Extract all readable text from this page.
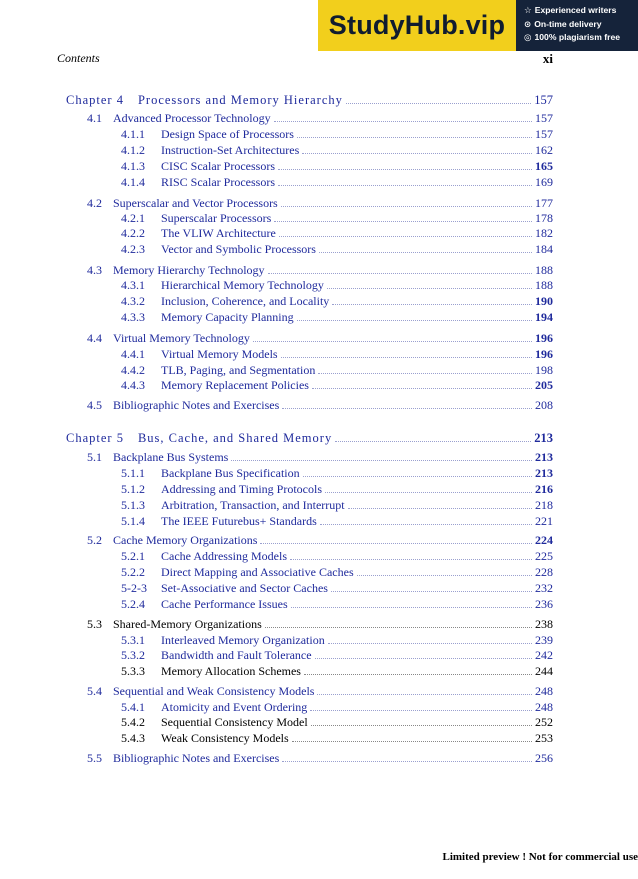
StudyHub.vip	☆ Experienced writers
⊙ On-time delivery
◎ 100% plagiarism free
Contents	xi
Chapter 4 Processors and Memory Hierarchy	157
4.1 Advanced Processor Technology	157
4.1.1	Design Space of Processors	157
4.1.2	Instruction-Set Architectures	162
4.1.3	CISC Scalar Processors	165
4.1.4	RISC Scalar Processors	169
4.2 Superscalar and Vector Processors	177
4.2.1	Superscalar Processors	178
4.2.2	The VLIW Architecture	182
4.2.3	Vector and Symbolic Processors	184
4.3 Memory Hierarchy Technology	188
4.3.1	Hierarchical Memory Technology	188
4.3.2	Inclusion, Coherence, and Locality	190
4.3.3	Memory Capacity Planning	194
4.4 Virtual Memory Technology	196
4.4.1	Virtual Memory Models	196
4.4.2	TLB, Paging, and Segmentation	198
4.4.3	Memory Replacement Policies	205
4.5 Bibliographic Notes and Exercises	208
Chapter 5 Bus, Cache, and Shared Memory	213
5.1 Backplane Bus Systems	213
5.1.1	Backplane Bus Specification	213
5.1.2	Addressing and Timing Protocols	216
5.1.3	Arbitration, Transaction, and Interrupt	218
5.1.4	The IEEE Futurebus+ Standards	221
5.2 Cache Memory Organizations	224
5.2.1	Cache Addressing Models	225
5.2.2	Direct Mapping and Associative Caches	228
5-2-3	Set-Associative and Sector Caches	232
5.2.4	Cache Performance Issues	236
5.3 Shared-Memory Organizations	238
5.3.1	Interleaved Memory Organization	239
5.3.2	Bandwidth and Fault Tolerance	242
5.3.3	Memory Allocation Schemes	244
5.4 Sequential and Weak Consistency Models	248
5.4.1	Atomicity and Event Ordering	248
5.4.2	Sequential Consistency Model	252
5.4.3	Weak Consistency Models	253
5.5 Bibliographic Notes and Exercises	256
Limited preview ! Not for commercial use
